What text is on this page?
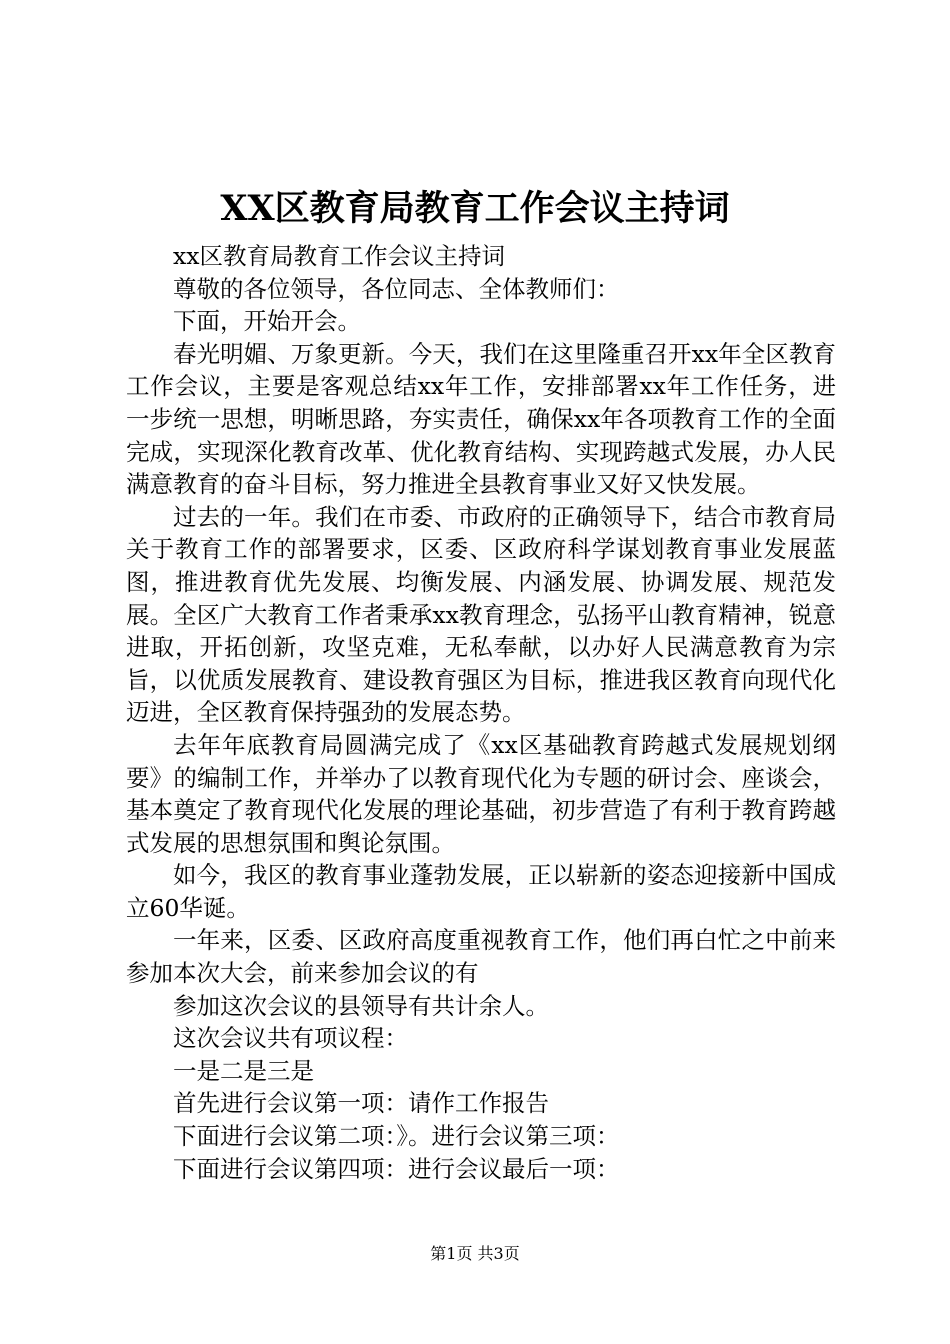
XX区教育局教育工作会议主持词

xx区教育局教育工作会议主持词

尊敬的各位领导，各位同志、全体教师们：

下面，开始开会。

春光明媚、万象更新。今天，我们在这里隆重召开xx年全区教育工作会议，主要是客观总结xx年工作，安排部署xx年工作任务，进一步统一思想，明晰思路，夯实责任，确保xx年各项教育工作的全面完成，实现深化教育改革、优化教育结构、实现跨越式发展，办人民满意教育的奋斗目标，努力推进全县教育事业又好又快发展。

过去的一年。我们在市委、市政府的正确领导下，结合市教育局关于教育工作的部署要求，区委、区政府科学谋划教育事业发展蓝图，推进教育优先发展、均衡发展、内涵发展、协调发展、规范发展。全区广大教育工作者秉承xx教育理念，弘扬平山教育精神，锐意进取，开拓创新，攻坚克难，无私奉献，以办好人民满意教育为宗旨，以优质发展教育、建设教育强区为目标，推进我区教育向现代化迈进，全区教育保持强劲的发展态势。

去年年底教育局圆满完成了《xx区基础教育跨越式发展规划纲要》的编制工作，并举办了以教育现代化为专题的研讨会、座谈会，基本奠定了教育现代化发展的理论基础，初步营造了有利于教育跨越式发展的思想氛围和舆论氛围。

如今，我区的教育事业蓬勃发展，正以崭新的姿态迎接新中国成立60华诞。

一年来，区委、区政府高度重视教育工作，他们再白忙之中前来参加本次大会，前来参加会议的有

参加这次会议的县领导有共计余人。

这次会议共有项议程：

一是二是三是

首先进行会议第一项：请作工作报告

下面进行会议第二项：》。进行会议第三项：

下面进行会议第四项：进行会议最后一项：

第1页 共3页
